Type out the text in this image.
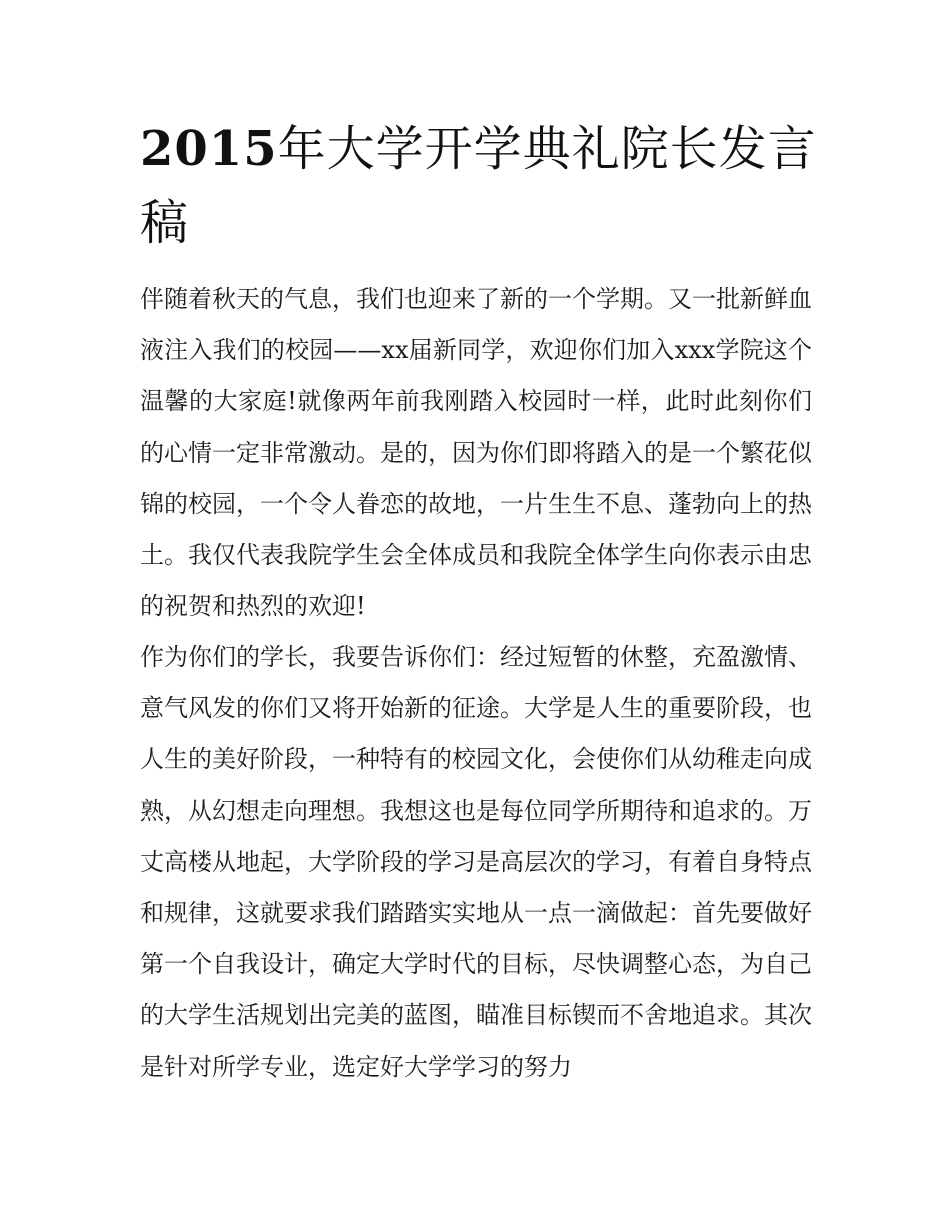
2015年大学开学典礼院长发言稿

伴随着秋天的气息，我们也迎来了新的一个学期。又一批新鲜血液注入我们的校园——xx届新同学，欢迎你们加入xxx学院这个温馨的大家庭!就像两年前我刚踏入校园时一样，此时此刻你们的心情一定非常激动。是的，因为你们即将踏入的是一个繁花似锦的校园，一个令人眷恋的故地，一片生生不息、蓬勃向上的热土。我仅代表我院学生会全体成员和我院全体学生向你表示由忠的祝贺和热烈的欢迎!

作为你们的学长，我要告诉你们：经过短暂的休整，充盈激情、意气风发的你们又将开始新的征途。大学是人生的重要阶段，也人生的美好阶段，一种特有的校园文化，会使你们从幼稚走向成熟，从幻想走向理想。我想这也是每位同学所期待和追求的。万丈高楼从地起，大学阶段的学习是高层次的学习，有着自身特点和规律，这就要求我们踏踏实实地从一点一滴做起：首先要做好第一个自我设计，确定大学时代的目标，尽快调整心态，为自己的大学生活规划出完美的蓝图，瞄准目标锲而不舍地追求。其次是针对所学专业，选定好大学学习的努力
